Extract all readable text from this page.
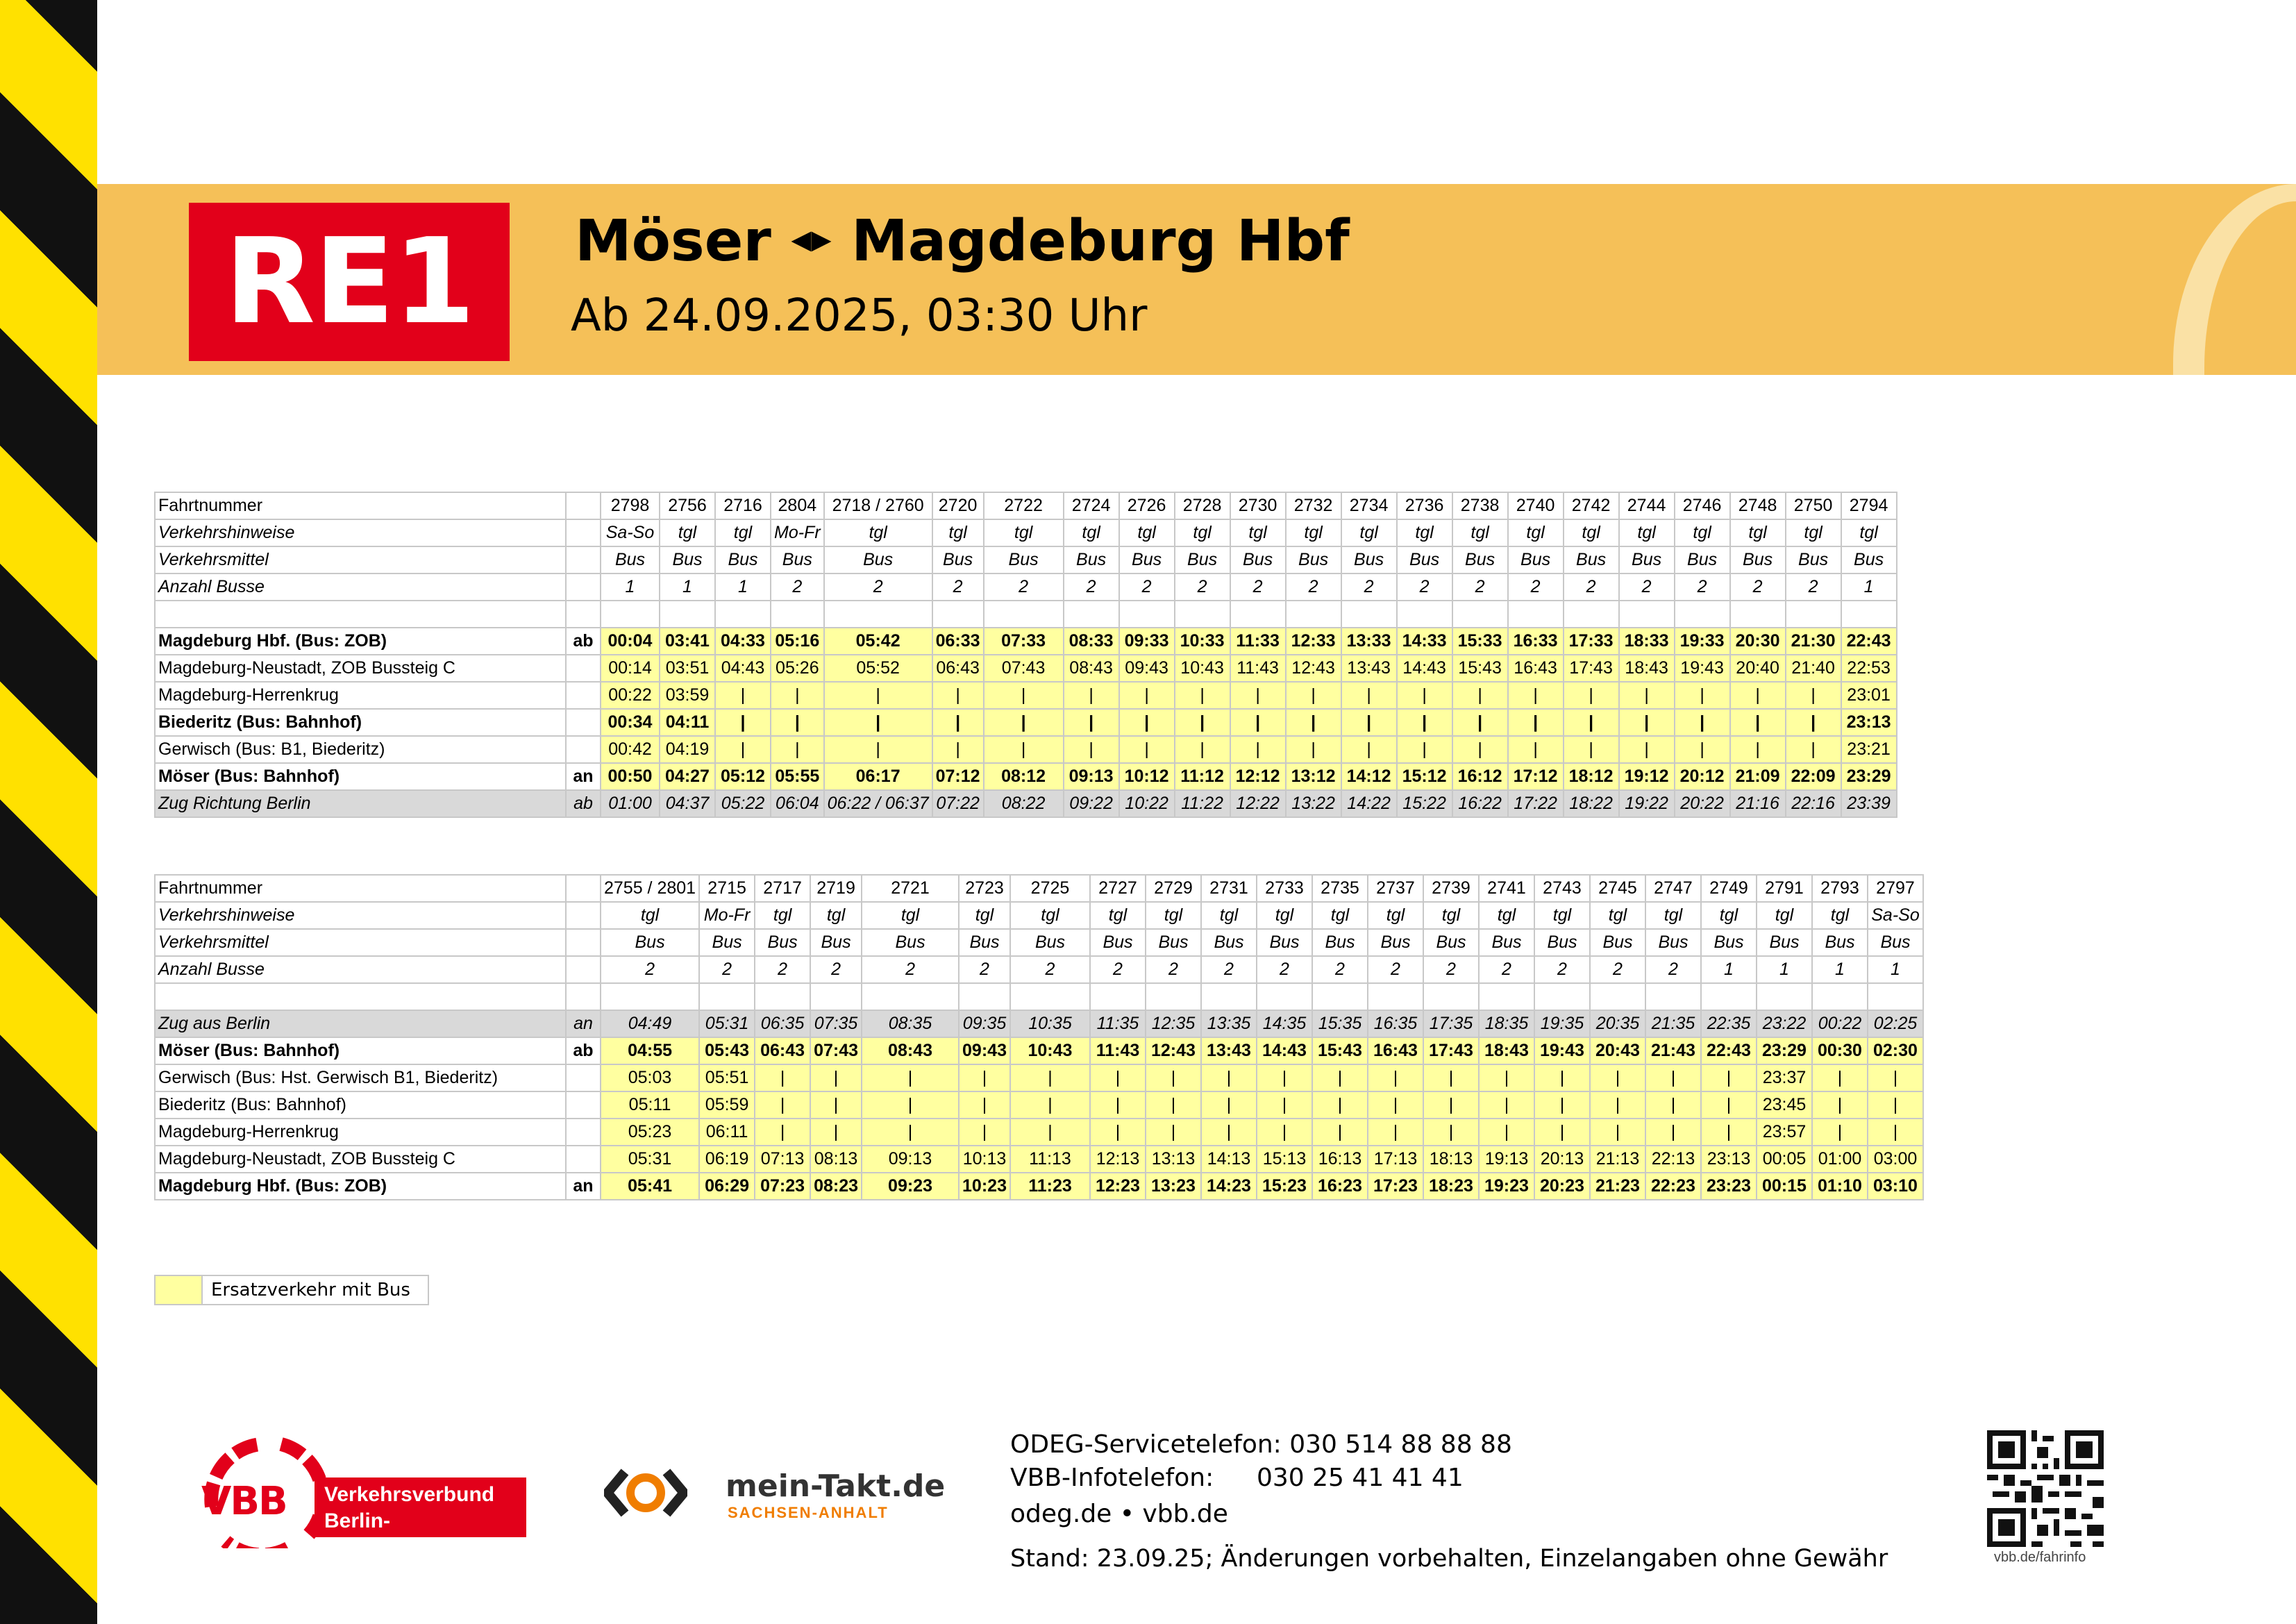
RE1	Möser ◂▸ Magdeburg Hbf
Ab 24.09.2025, 03:30 Uhr
Fahrtnummer		2798	2756	2716	2804	2718 / 2760	2720	2722	2724	2726	2728	2730	2732	2734	2736	2738	2740	2742	2744	2746	2748	2750	2794
Verkehrshinweise		Sa-So	tgl	tgl	Mo-Fr	tgl	tgl	tgl	tgl	tgl	tgl	tgl	tgl	tgl	tgl	tgl	tgl	tgl	tgl	tgl	tgl	tgl	tgl
Verkehrsmittel		Bus	Bus	Bus	Bus	Bus	Bus	Bus	Bus	Bus	Bus	Bus	Bus	Bus	Bus	Bus	Bus	Bus	Bus	Bus	Bus	Bus	Bus
Anzahl Busse		1	1	1	2	2	2	2	2	2	2	2	2	2	2	2	2	2	2	2	2	2	1

Magdeburg Hbf. (Bus: ZOB)	ab	00:04	03:41	04:33	05:16	05:42	06:33	07:33	08:33	09:33	10:33	11:33	12:33	13:33	14:33	15:33	16:33	17:33	18:33	19:33	20:30	21:30	22:43
Magdeburg-Neustadt, ZOB Bussteig C		00:14	03:51	04:43	05:26	05:52	06:43	07:43	08:43	09:43	10:43	11:43	12:43	13:43	14:43	15:43	16:43	17:43	18:43	19:43	20:40	21:40	22:53
Magdeburg-Herrenkrug		00:22	03:59	|	|	|	|	|	|	|	|	|	|	|	|	|	|	|	|	|	|	|	23:01
Biederitz (Bus: Bahnhof)		00:34	04:11	|	|	|	|	|	|	|	|	|	|	|	|	|	|	|	|	|	|	|	23:13
Gerwisch (Bus: B1, Biederitz)		00:42	04:19	|	|	|	|	|	|	|	|	|	|	|	|	|	|	|	|	|	|	|	23:21
Möser (Bus: Bahnhof)	an	00:50	04:27	05:12	05:55	06:17	07:12	08:12	09:13	10:12	11:12	12:12	13:12	14:12	15:12	16:12	17:12	18:12	19:12	20:12	21:09	22:09	23:29
Zug Richtung Berlin	ab	01:00	04:37	05:22	06:04	06:22 / 06:37	07:22	08:22	09:22	10:22	11:22	12:22	13:22	14:22	15:22	16:22	17:22	18:22	19:22	20:22	21:16	22:16	23:39
Fahrtnummer		2755 / 2801	2715	2717	2719	2721	2723	2725	2727	2729	2731	2733	2735	2737	2739	2741	2743	2745	2747	2749	2791	2793	2797
Verkehrshinweise		tgl	Mo-Fr	tgl	tgl	tgl	tgl	tgl	tgl	tgl	tgl	tgl	tgl	tgl	tgl	tgl	tgl	tgl	tgl	tgl	tgl	tgl	Sa-So
Verkehrsmittel		Bus	Bus	Bus	Bus	Bus	Bus	Bus	Bus	Bus	Bus	Bus	Bus	Bus	Bus	Bus	Bus	Bus	Bus	Bus	Bus	Bus	Bus
Anzahl Busse		2	2	2	2	2	2	2	2	2	2	2	2	2	2	2	2	2	2	1	1	1	1

Zug aus Berlin	an	04:49	05:31	06:35	07:35	08:35	09:35	10:35	11:35	12:35	13:35	14:35	15:35	16:35	17:35	18:35	19:35	20:35	21:35	22:35	23:22	00:22	02:25
Möser (Bus: Bahnhof)	ab	04:55	05:43	06:43	07:43	08:43	09:43	10:43	11:43	12:43	13:43	14:43	15:43	16:43	17:43	18:43	19:43	20:43	21:43	22:43	23:29	00:30	02:30
Gerwisch (Bus: Hst. Gerwisch B1, Biederitz)		05:03	05:51	|	|	|	|	|	|	|	|	|	|	|	|	|	|	|	|	|	23:37	|	|
Biederitz (Bus: Bahnhof)		05:11	05:59	|	|	|	|	|	|	|	|	|	|	|	|	|	|	|	|	|	23:45	|	|
Magdeburg-Herrenkrug		05:23	06:11	|	|	|	|	|	|	|	|	|	|	|	|	|	|	|	|	|	23:57	|	|
Magdeburg-Neustadt, ZOB Bussteig C		05:31	06:19	07:13	08:13	09:13	10:13	11:13	12:13	13:13	14:13	15:13	16:13	17:13	18:13	19:13	20:13	21:13	22:13	23:13	00:05	01:00	03:00
Magdeburg Hbf. (Bus: ZOB)	an	05:41	06:29	07:23	08:23	09:23	10:23	11:23	12:23	13:23	14:23	15:23	16:23	17:23	18:23	19:23	20:23	21:23	22:23	23:23	00:15	01:10	03:10
Ersatzverkehr mit Bus
VBB Verkehrsverbund
Berlin-Brandenburg
mein-Takt.de
SACHSEN-ANHALT
ODEG-Servicetelefon: 030 514 88 88 88
VBB-Infotelefon: 030 25 41 41 41
odeg.de • vbb.de
Stand: 23.09.25; Änderungen vorbehalten, Einzelangaben ohne Gewähr	vbb.de/fahrinfo
